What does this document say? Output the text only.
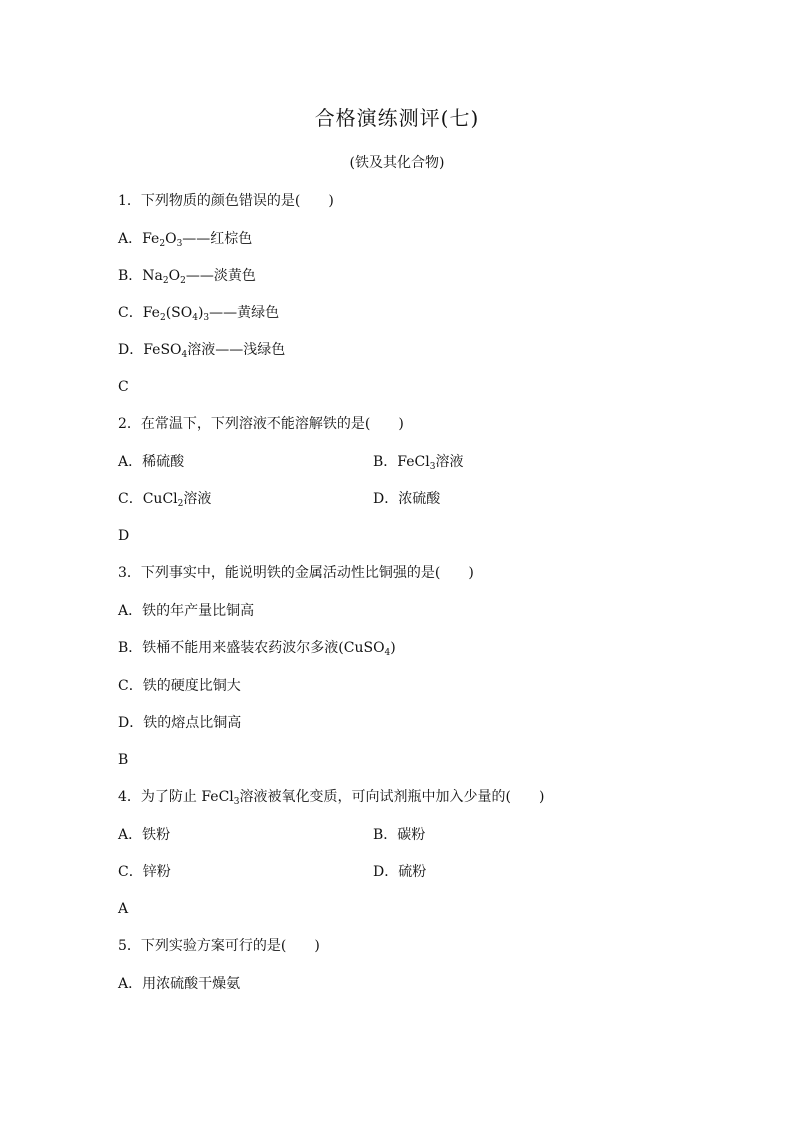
合格演练测评(七)
(铁及其化合物)
1．下列物质的颜色错误的是(　　)
A．$Fe_2O_3——$红棕色
B．$Na_2O_2——$淡黄色
C．$Fe_2(SO_4)_3——$黄绿色
D．FeSO$_4$溶液——浅绿色
C
2．在常温下，下列溶液不能溶解铁的是(　　)
A．稀硫酸	B．FeCl$_3$溶液
C．CuCl$_2$溶液	D．浓硫酸
D
3．下列事实中，能说明铁的金属活动性比铜强的是(　　)
A．铁的年产量比铜高
B．铁桶不能用来盛装农药波尔多液(CuSO$_4$)
C．铁的硬度比铜大
D．铁的熔点比铜高
B
4．为了防止 FeCl$_3$溶液被氧化变质，可向试剂瓶中加入少量的(　　)
A．铁粉	B．碳粉
C．锌粉	D．硫粉
A
5．下列实验方案可行的是(　　)
A．用浓硫酸干燥氨
